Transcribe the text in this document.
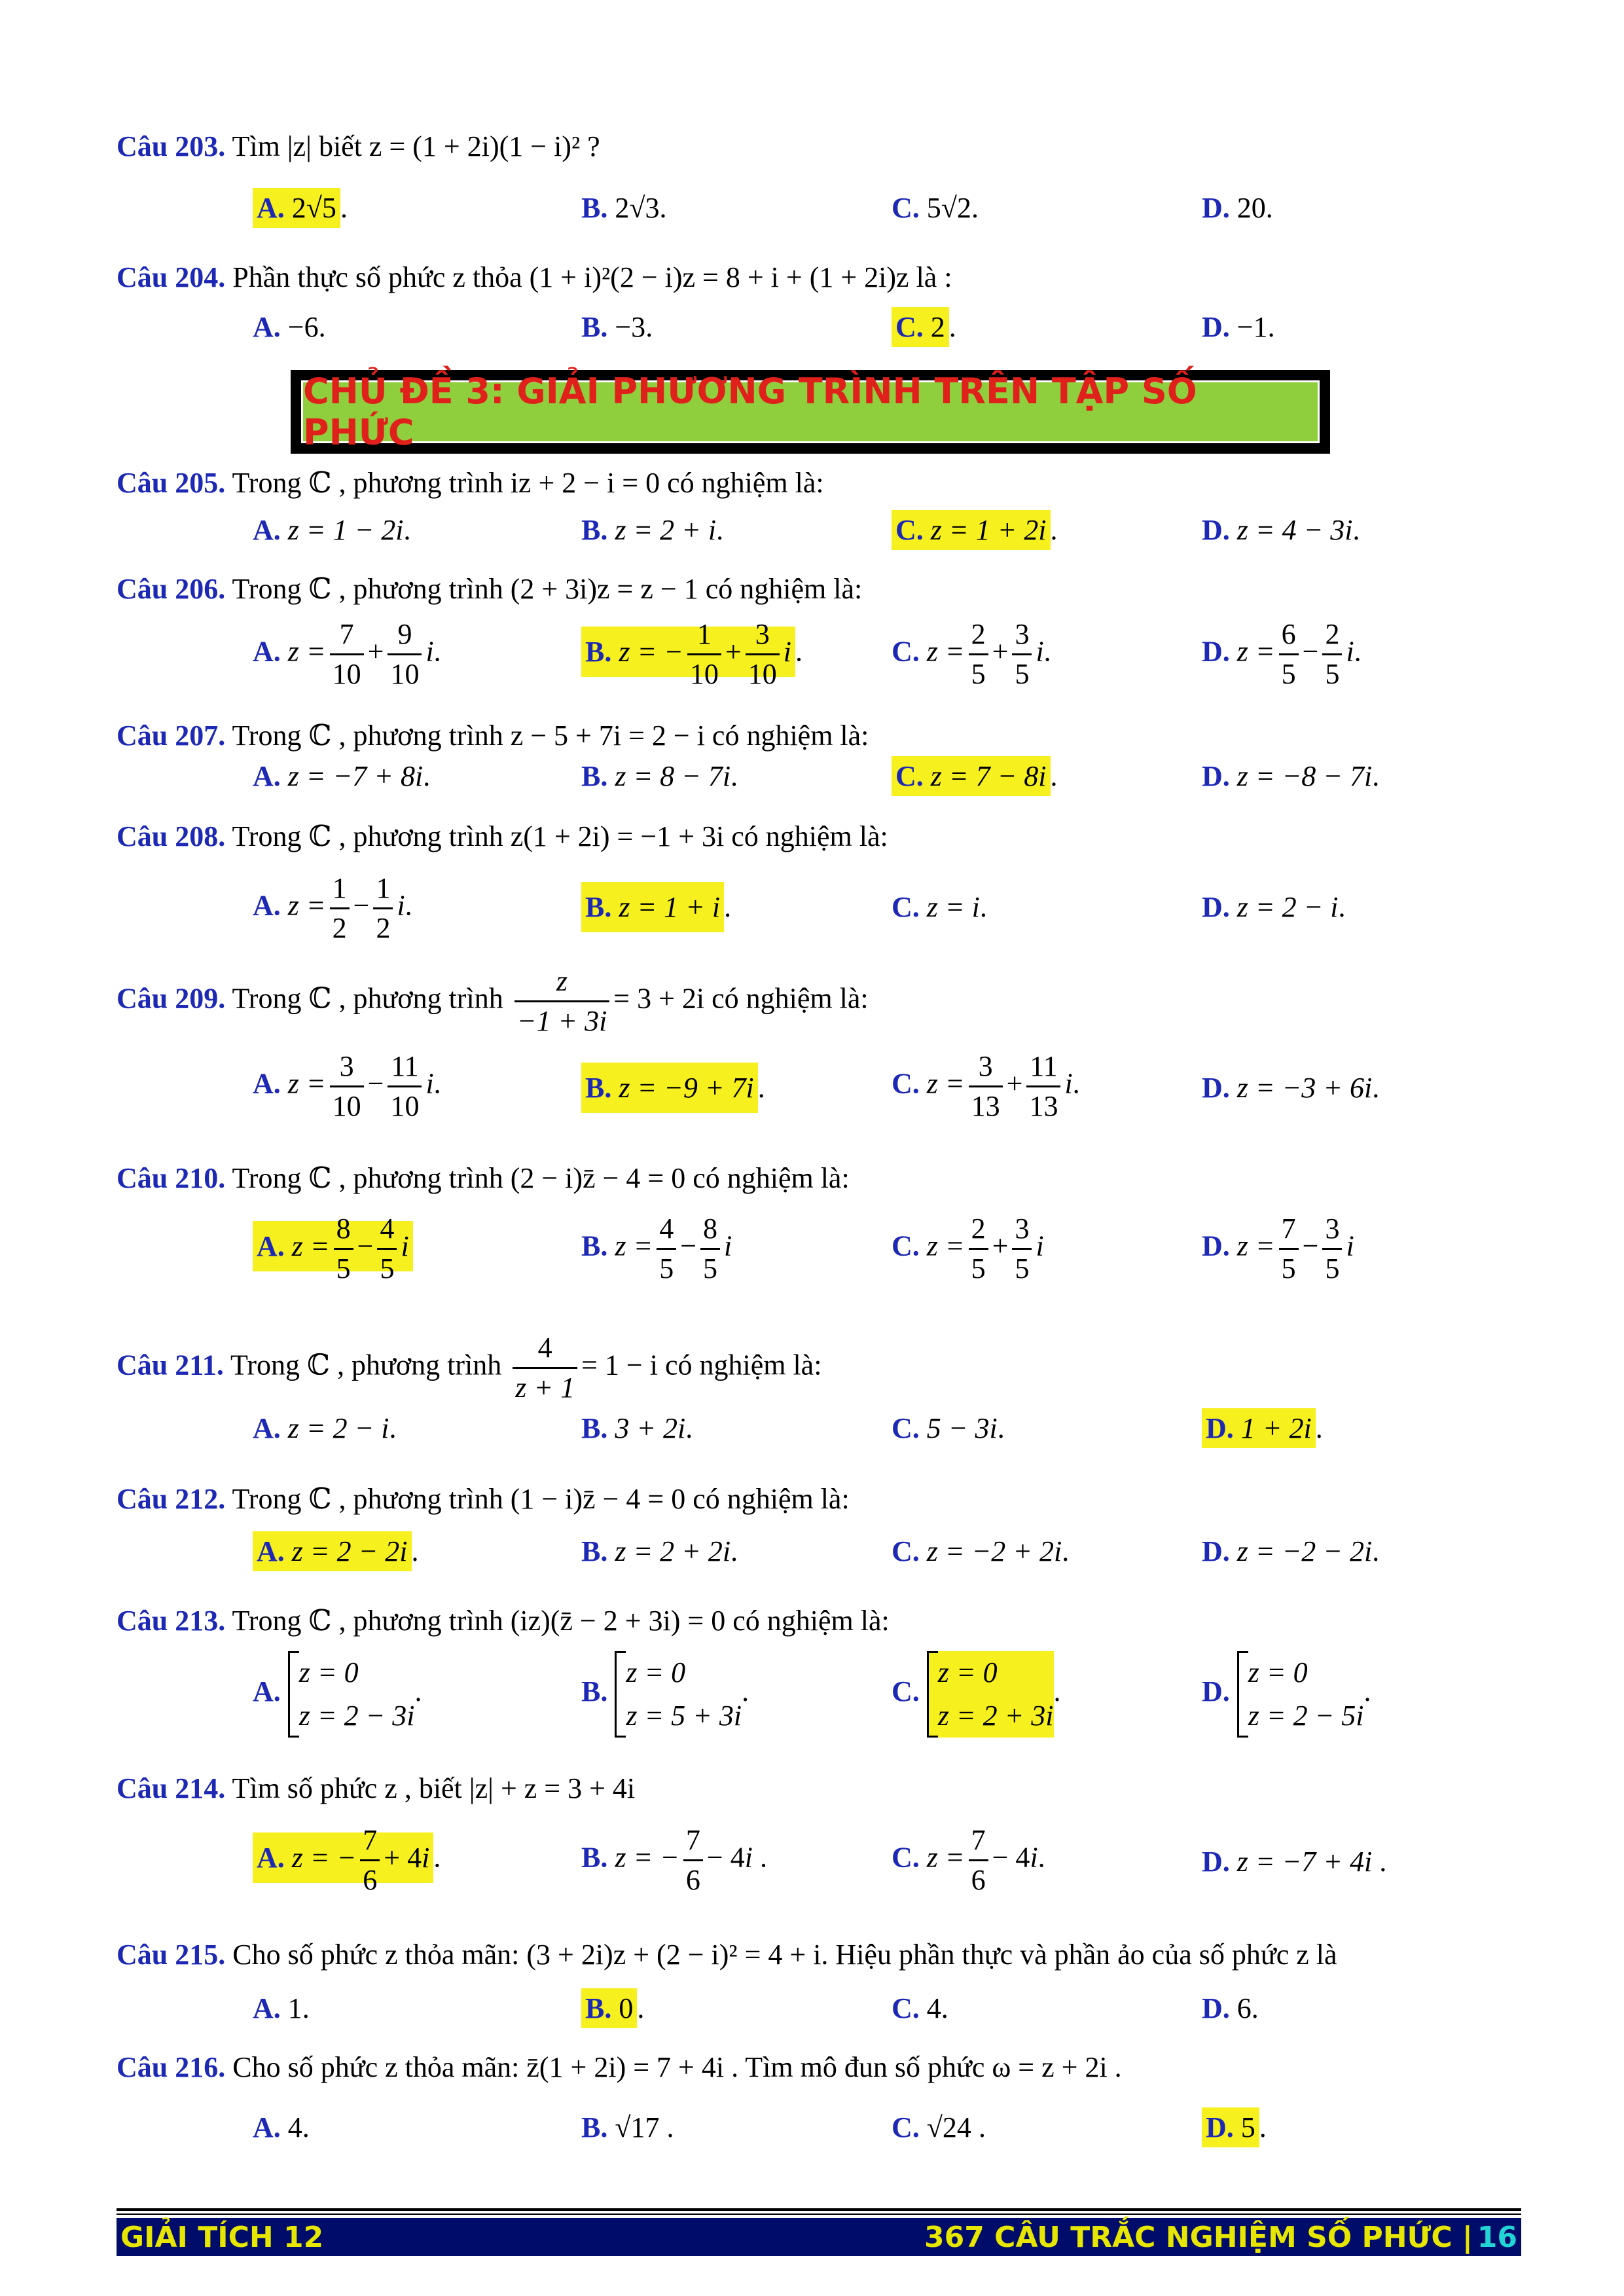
Câu 203. Tìm |z| biết z = (1 + 2i)(1 − i)² ?
A. 2√5 .	B. 2√3.	C. 5√2.	D. 20.
Câu 204. Phần thực số phức z thỏa (1 + i)²(2 − i)z = 8 + i + (1 + 2i)z là :
A. −6.	B. −3.	C. 2 .	D. −1.
CHỦ ĐỀ 3: GIẢI PHƯƠNG TRÌNH TRÊN TẬP SỐ PHỨC
Câu 205. Trong ℂ , phương trình iz + 2 − i = 0 có nghiệm là:
A. z = 1 − 2i.	B. z = 2 + i.	C. z = 1 + 2i .	D. z = 4 − 3i.
Câu 206. Trong ℂ , phương trình (2 + 3i)z = z − 1 có nghiệm là:
A. $z = \frac{7}{10} + \frac{9}{10} i$.	B. z = − $\frac{1}{10} + \frac{3}{10}$ i .	C. $z = \frac{2}{5} + \frac{3}{5} i$.	D. $z = \frac{6}{5} - \frac{2}{5} i$.
Câu 207. Trong ℂ , phương trình z − 5 + 7i = 2 − i có nghiệm là:
A. z = −7 + 8i.	B. z = 8 − 7i.	C. z = 7 − 8i .	D. z = −8 − 7i.
Câu 208. Trong ℂ , phương trình z(1 + 2i) = −1 + 3i có nghiệm là:
A. $z = \frac{1}{2} - \frac{1}{2} i$.	B. z = 1 + i .	C. z = i.	D. z = 2 − i.
Câu 209. Trong ℂ , phương trình $\frac{z}{-1 + 3i} = 3 + 2i$ có nghiệm là:
A. $z = \frac{3}{10} - \frac{11}{10} i$.	B. z = −9 + 7i .	C. $z = \frac{3}{13} + \frac{11}{13} i$.	D. z = −3 + 6i.
Câu 210. Trong ℂ , phương trình (2 − i)z̄ − 4 = 0 có nghiệm là:
A. $z = \frac{8}{5} - \frac{4}{5}$ i	B. $z = \frac{4}{5} - \frac{8}{5}$ i	C. $z = \frac{2}{5} + \frac{3}{5}$ i	D. $z = \frac{7}{5} - \frac{3}{5}$ i
Câu 211. Trong ℂ , phương trình $\frac{4}{z + 1} = 1 - i$ có nghiệm là:
A. z = 2 − i.	B. 3 + 2i.	C. 5 − 3i.	D. 1 + 2i .
Câu 212. Trong ℂ , phương trình (1 − i)z̄ − 4 = 0 có nghiệm là:
A. z = 2 − 2i .	B. z = 2 + 2i.	C. z = −2 + 2i.	D. z = −2 − 2i.
Câu 213. Trong ℂ , phương trình (iz)(z̄ − 2 + 3i) = 0 có nghiệm là:
A. z = 0
z = 2 − 3i.	B. z = 0
z = 5 + 3i.	C. z = 0
z = 2 + 3i.	D. z = 0
z = 2 − 5i.
Câu 214. Tìm số phức z , biết |z| + z = 3 + 4i
A. z = − $\frac{7}{6} + 4i$ .	B. z = − $\frac{7}{6} - 4i$ .	C. $z = \frac{7}{6} - 4i$.	D. z = −7 + 4i .
Câu 215. Cho số phức z thỏa mãn: (3 + 2i)z + (2 − i)² = 4 + i. Hiệu phần thực và phần ảo của số phức z là
A. 1.	B. 0 .	C. 4.	D. 6.
Câu 216. Cho số phức z thỏa mãn: z̄(1 + 2i) = 7 + 4i . Tìm mô đun số phức ω = z + 2i .
A. 4.	B. √17 .	C. √24 .	D. 5 .
GIẢI TÍCH 12	367 CÂU TRẮC NGHIỆM SỐ PHỨC | 16
